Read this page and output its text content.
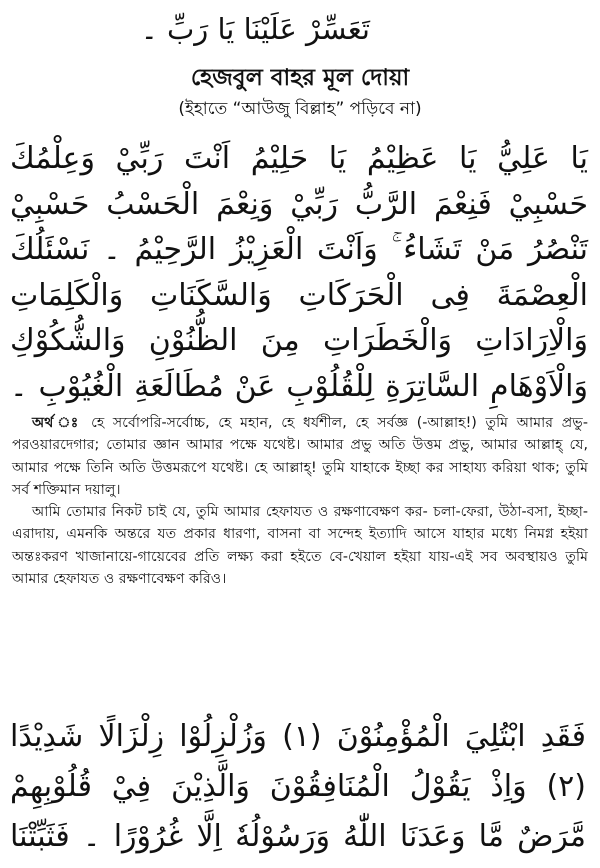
تَعَسِّرْ عَلَيْنَا يَا رَبِّ ۔
হেজবুল বাহর মূল দোয়া
(ইহাতে “আউজু বিল্লাহ” পড়িবে না)
يَا عَلِيُّ يَا عَظِيْمُ يَا حَلِيْمُ اَنْتَ رَبِّيْ وَعِلْمُكَ
حَسْبِيْ فَنِعْمَ الرَّبُّ رَبِّيْ وَنِعْمَ الْحَسْبُ حَسْبِيْ
تَنْصُرُ مَنْ تَشَاءُ ۚ وَاَنْتَ الْعَزِيْزُ الرَّحِيْمُ ۔ نَسْئَلُكَ
الْعِصْمَةَ فِى الْحَرَكَاتِ وَالسَّكَنَاتِ وَالْكَلِمَاتِ
وَالْاِرَادَاتِ وَالْخَطَرَاتِ مِنَ الظُّنُوْنِ وَالشُّكُوْكِ
وَالْاَوْهَامِ السَّاتِرَةِ لِلْقُلُوْبِ عَنْ مُطَالَعَةِ الْغُيُوْبِ ۔

অর্থ ঃ হে সর্বোপরি-সর্বোচ্চ, হে মহান, হে ধর্যশীল, হে সর্বজ্ঞ (-আল্লাহ!) তুমি আমার প্রভু-পরওয়ারদেগার; তোমার জ্ঞান আমার পক্ষে যথেষ্ট। আমার প্রভু অতি উত্তম প্রভু, আমার আল্লাহ্ যে, আমার পক্ষে তিনি অতি উত্তমরূপে যথেষ্ট। হে আল্লাহ্! তুমি যাহাকে ইচ্ছা কর সাহায্য করিয়া থাক; তুমি সর্ব শক্তিমান দয়ালু।

আমি তোমার নিকট চাই যে, তুমি আমার হেফাযত ও রক্ষণাবেক্ষণ কর- চলা-ফেরা, উঠা-বসা, ইচ্ছা-এরাদায়, এমনকি অন্তরে যত প্রকার ধারণা, বাসনা বা সন্দেহ ইত্যাদি আসে যাহার মধ্যে নিমগ্ন হইয়া অন্তঃকরণ খাজানায়ে-গায়েবের প্রতি লক্ষ্য করা হইতে বে-খেয়াল হইয়া যায়-এই সব অবস্থায়ও তুমি আমার হেফাযত ও রক্ষণাবেক্ষণ করিও।

فَقَدِ ابْتُلِيَ الْمُؤْمِنُوْنَ (١) وَزُلْزِلُوْا زِلْزَالًا شَدِيْدًا
(٢) وَاِذْ يَقُوْلُ الْمُنَافِقُوْنَ وَالَّذِيْنَ فِيْ قُلُوْبِهِمْ
مَّرَضٌ مَّا وَعَدَنَا اللّٰهُ وَرَسُوْلُهٗ اِلَّا غُرُوْرًا ۔ فَثَبِّتْنَا
